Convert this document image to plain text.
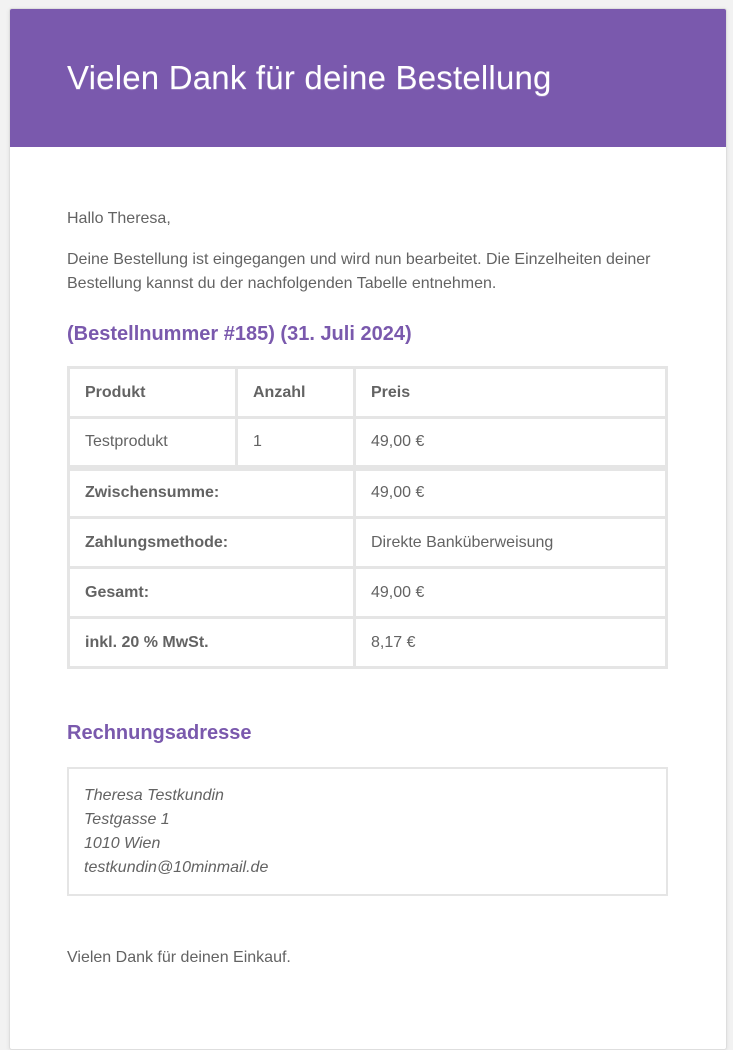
Vielen Dank für deine Bestellung

Hallo Theresa,

Deine Bestellung ist eingegangen und wird nun bearbeitet. Die Einzelheiten deiner Bestellung kannst du der nachfolgenden Tabelle entnehmen.

(Bestellnummer #185) (31. Juli 2024)
Produkt	Anzahl	Preis
Testprodukt	1	49,00 €
Zwischensumme:		49,00 €
Zahlungsmethode:		Direkte Banküberweisung
Gesamt:		49,00 €
inkl. 20 % MwSt.		8,17 €
Rechnungsadresse
Theresa Testkundin
Testgasse 1
1010 Wien
testkundin@10minmail.de

Vielen Dank für deinen Einkauf.
